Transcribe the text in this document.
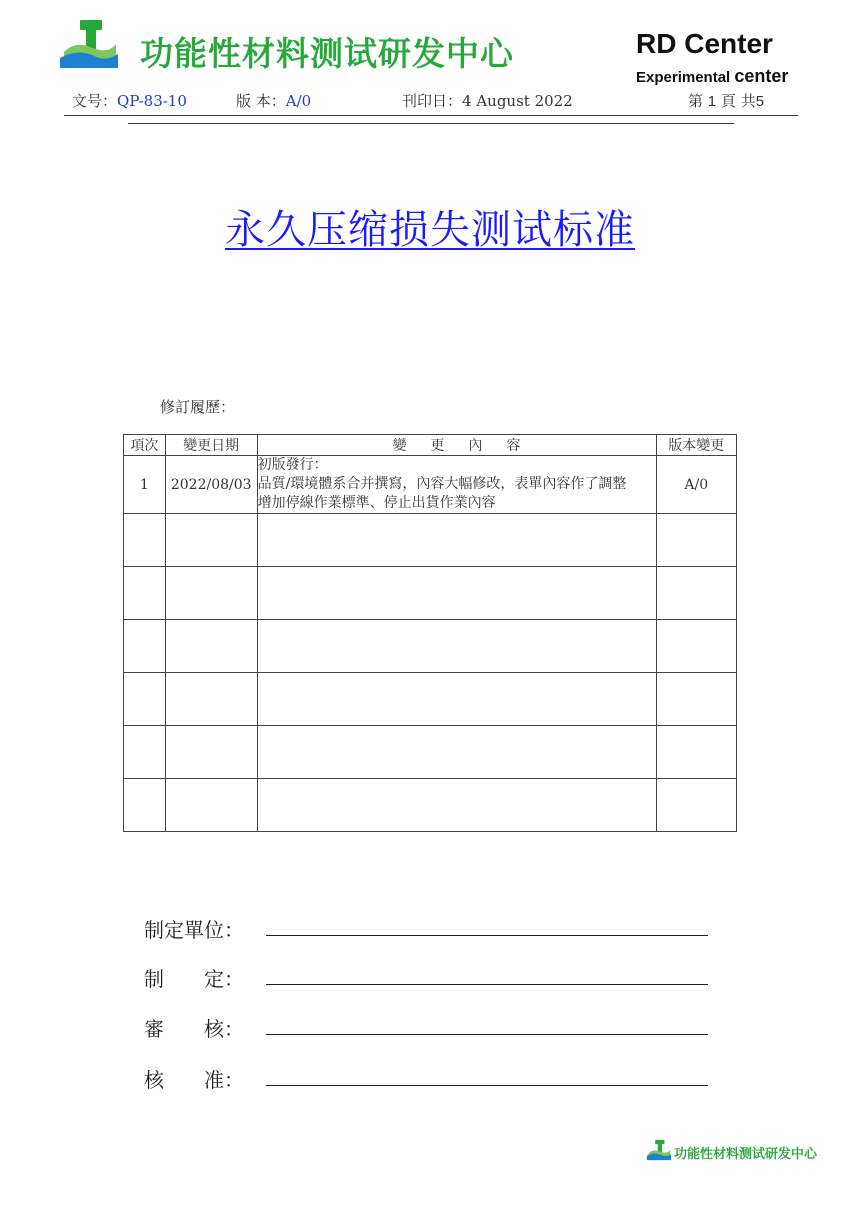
功能性材料测试研发中心	RD Center
Experimental center
文号：QP-83-10	版 本：A/0	刊印日：4 August 2022	第 1 頁 共5
永久压缩损失测试标准
修訂履歷：
項次	變更日期	變更內容	版本變更
1	2022/08/03	初版發行：
品質/環境體系合并撰寫，內容大幅修改，表單內容作了調整
增加停線作業標準、停止出貨作業內容	A/0

制定單位：
制　　定：
審　　核：
核　　准：
功能性材料测试研发中心
